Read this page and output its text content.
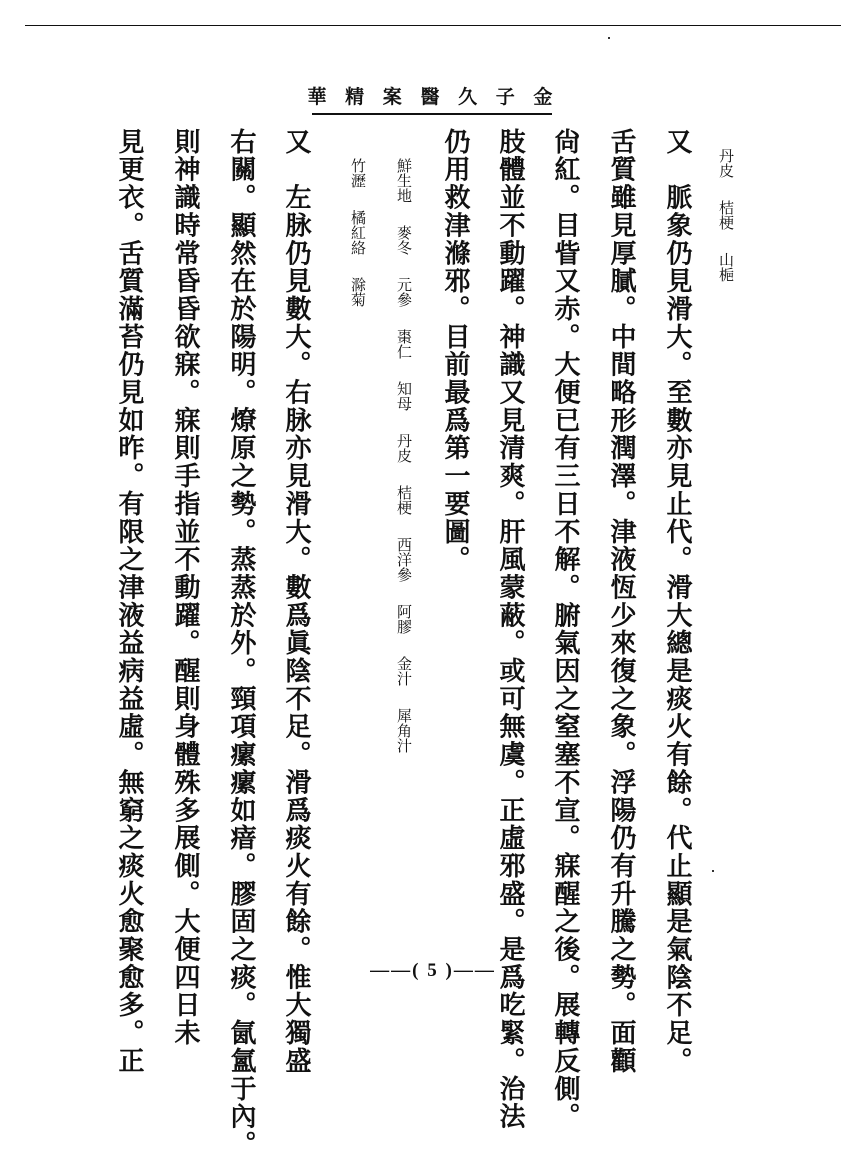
金
子
久
醫
案
精
華
丹皮桔梗山梔
又　脈象仍見滑大。至數亦見止代。滑大總是痰火有餘。代止顯是氣陰不足。
舌質雖見厚膩。中間略形潤澤。津液恆少來復之象。浮陽仍有升騰之勢。面顴
尙紅。目眥又赤。大便已有三日不解。腑氣因之窒塞不宣。寐醒之後。展轉反側。
肢體並不動躍。神識又見清爽。肝風蒙蔽。或可無虞。正虛邪盛。是爲吃緊。治法
仍用救津滌邪。目前最爲第一要圖。
鮮生地麥冬元參棗仁知母丹皮桔梗西洋參阿膠金汁犀角汁
竹瀝橘紅絡滁菊
又　左脉仍見數大。右脉亦見滑大。數爲眞陰不足。滑爲痰火有餘。惟大獨盛
右關。顯然在於陽明。燎原之勢。蒸蒸於外。頸項瘰瘰如瘖。膠固之痰。氤氳于內。
則神識時常昏昏欲寐。寐則手指並不動躍。醒則身體殊多展側。大便四日未
見更衣。舌質滿苔仍見如昨。有限之津液益病益虛。無窮之痰火愈聚愈多。正	——( 5 )——
